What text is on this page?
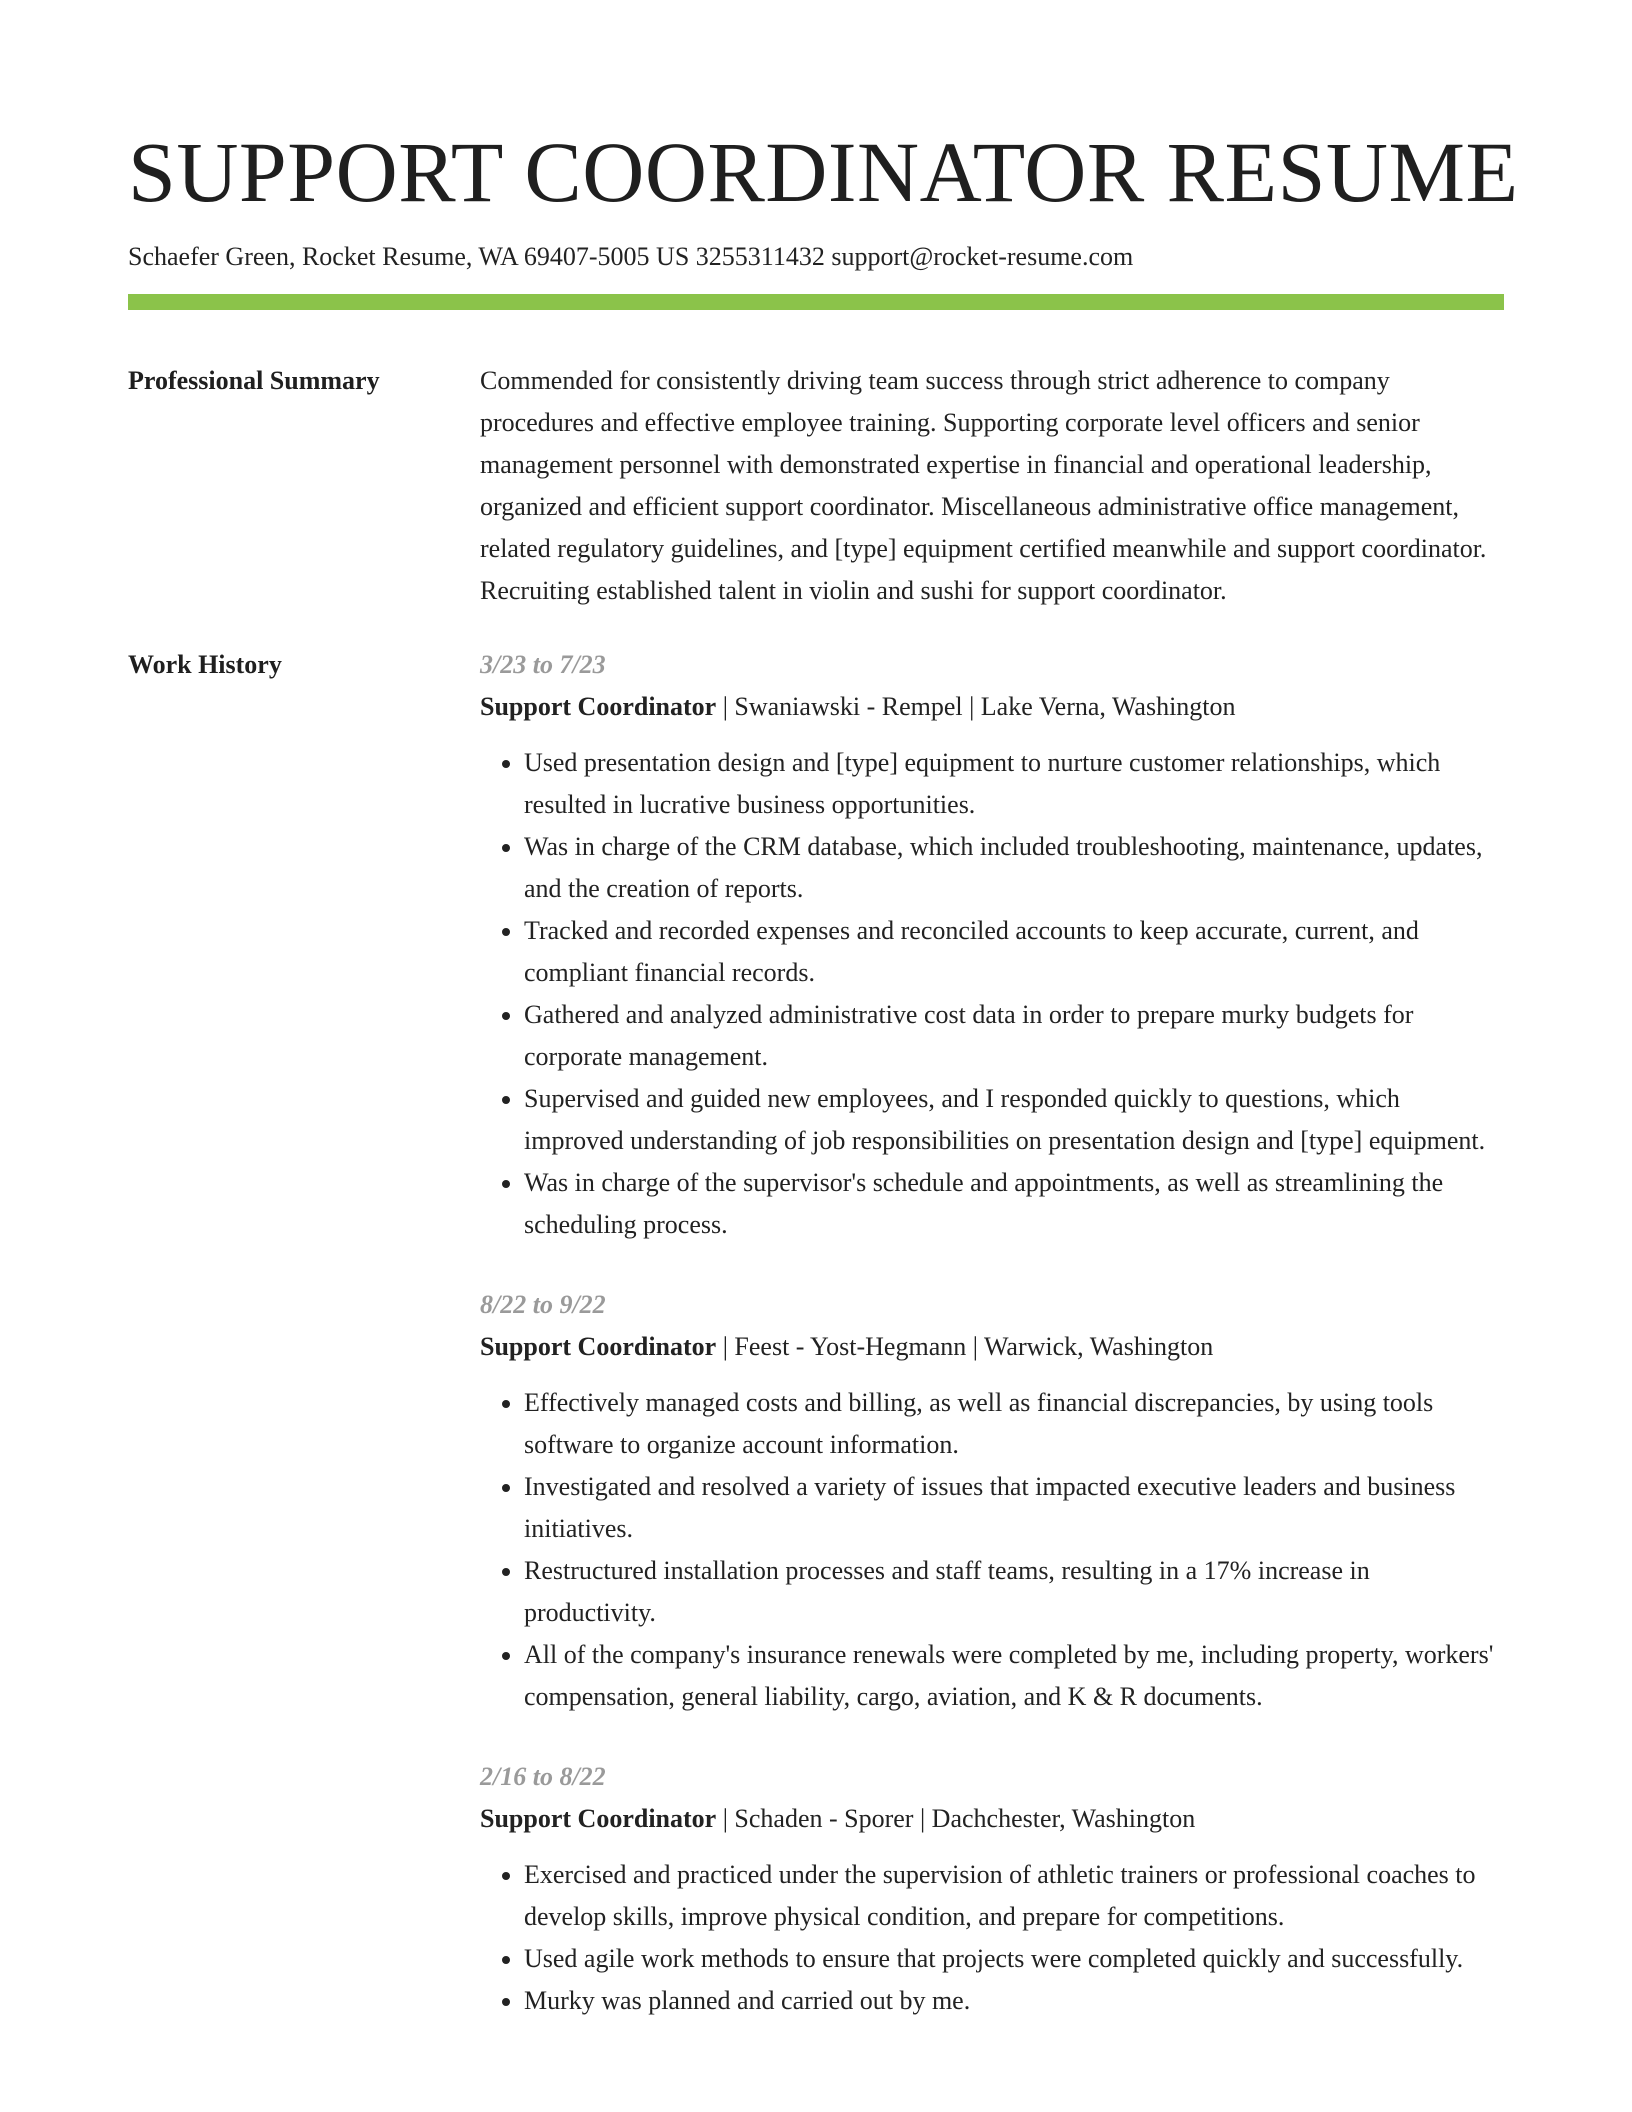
SUPPORT COORDINATOR RESUME
Schaefer Green, Rocket Resume, WA 69407-5005 US 3255311432 support@rocket-resume.com
Professional Summary	Commended for consistently driving team success through strict adherence to company procedures and effective employee training. Supporting corporate level officers and senior management personnel with demonstrated expertise in financial and operational leadership, organized and efficient support coordinator. Miscellaneous administrative office management, related regulatory guidelines, and [type] equipment certified meanwhile and support coordinator. Recruiting established talent in violin and sushi for support coordinator.
Work History	3/23 to 7/23
Support Coordinator | Swaniawski - Rempel | Lake Verna, Washington
• Used presentation design and [type] equipment to nurture customer relationships, which resulted in lucrative business opportunities.
• Was in charge of the CRM database, which included troubleshooting, maintenance, updates, and the creation of reports.
• Tracked and recorded expenses and reconciled accounts to keep accurate, current, and compliant financial records.
• Gathered and analyzed administrative cost data in order to prepare murky budgets for corporate management.
• Supervised and guided new employees, and I responded quickly to questions, which improved understanding of job responsibilities on presentation design and [type] equipment.
• Was in charge of the supervisor's schedule and appointments, as well as streamlining the scheduling process.
8/22 to 9/22
Support Coordinator | Feest - Yost-Hegmann | Warwick, Washington
• Effectively managed costs and billing, as well as financial discrepancies, by using tools software to organize account information.
• Investigated and resolved a variety of issues that impacted executive leaders and business initiatives.
• Restructured installation processes and staff teams, resulting in a 17% increase in productivity.
• All of the company's insurance renewals were completed by me, including property, workers' compensation, general liability, cargo, aviation, and K & R documents.
2/16 to 8/22
Support Coordinator | Schaden - Sporer | Dachchester, Washington
• Exercised and practiced under the supervision of athletic trainers or professional coaches to develop skills, improve physical condition, and prepare for competitions.
• Used agile work methods to ensure that projects were completed quickly and successfully.
• Murky was planned and carried out by me.
